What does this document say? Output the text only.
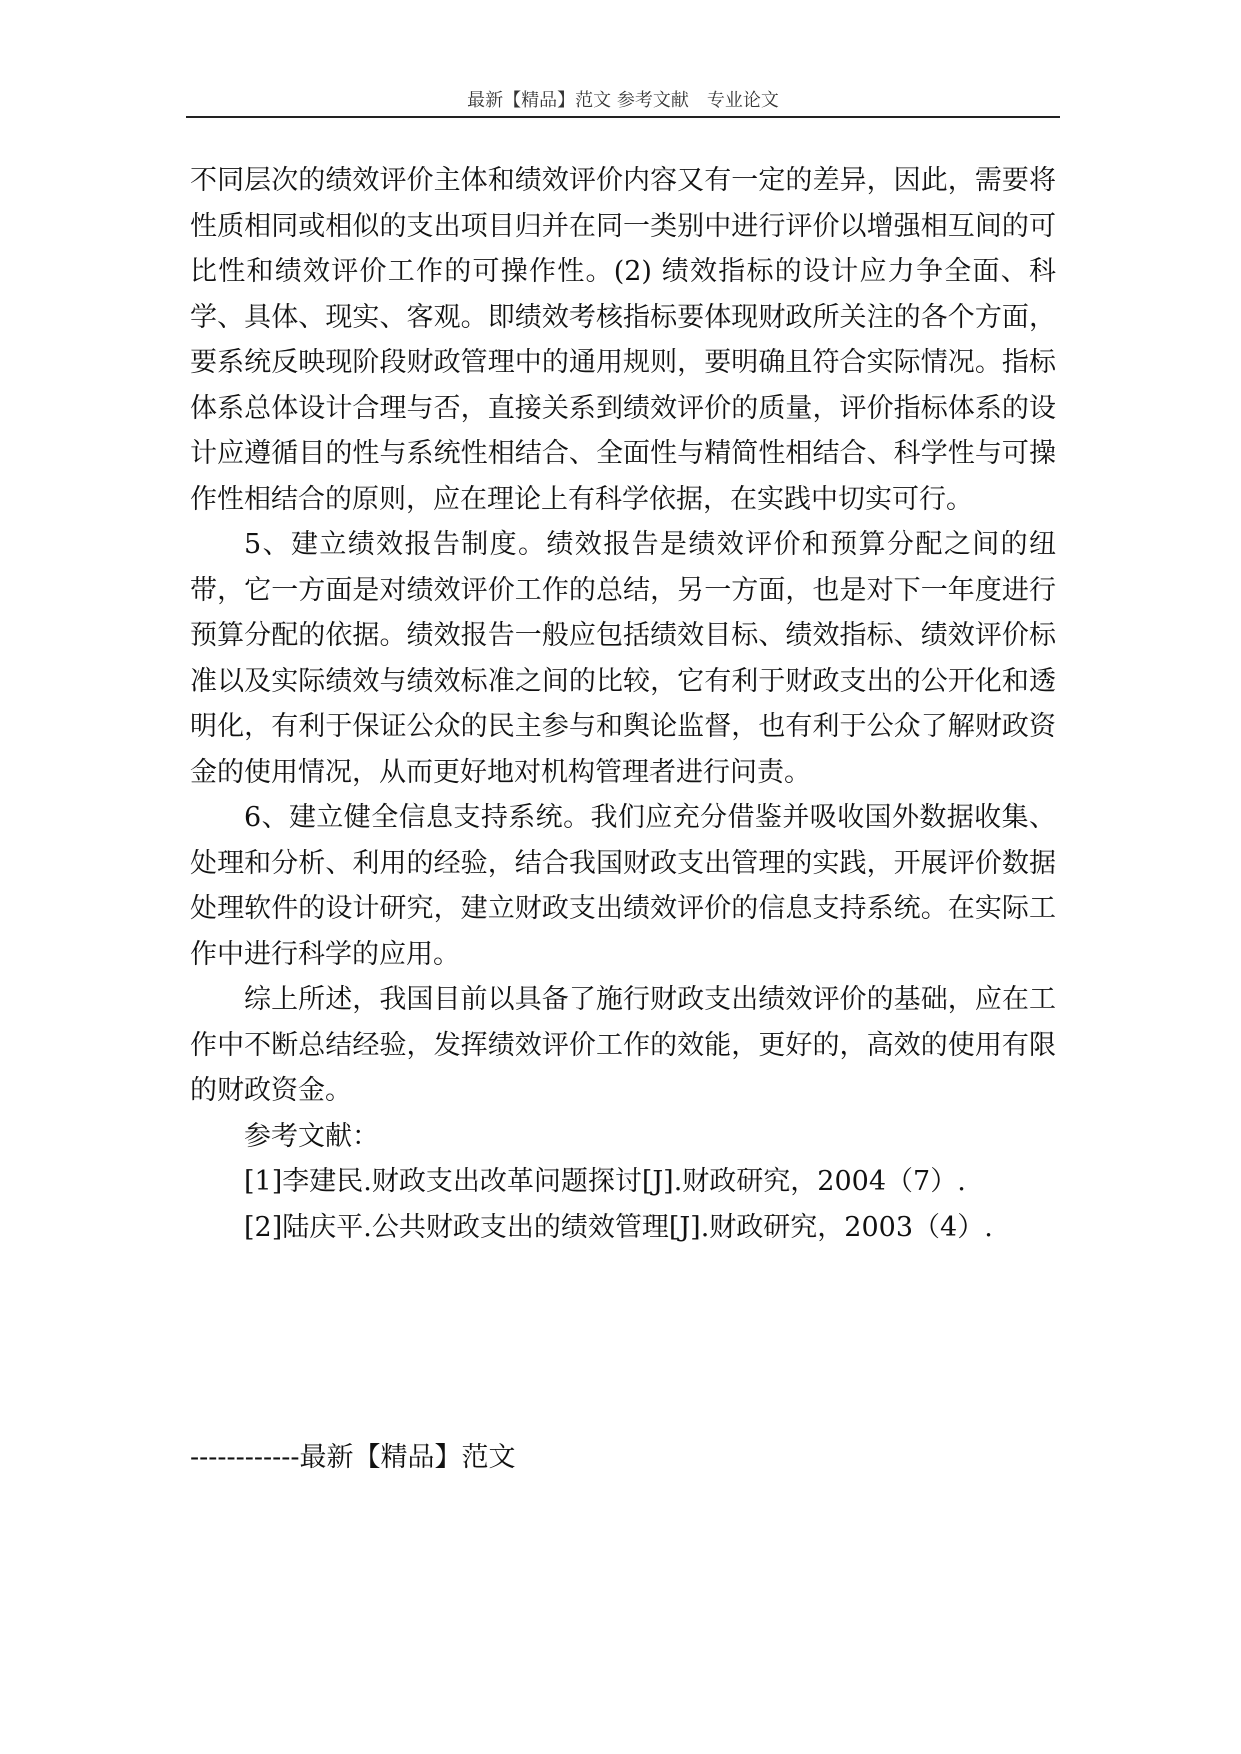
最新【精品】范文 参考文献　专业论文

不同层次的绩效评价主体和绩效评价内容又有一定的差异，因此，需要将性质相同或相似的支出项目归并在同一类别中进行评价以增强相互间的可比性和绩效评价工作的可操作性。(2) 绩效指标的设计应力争全面、科学、具体、现实、客观。即绩效考核指标要体现财政所关注的各个方面，要系统反映现阶段财政管理中的通用规则，要明确且符合实际情况。指标体系总体设计合理与否，直接关系到绩效评价的质量，评价指标体系的设计应遵循目的性与系统性相结合、全面性与精简性相结合、科学性与可操作性相结合的原则，应在理论上有科学依据，在实践中切实可行。

5、建立绩效报告制度。绩效报告是绩效评价和预算分配之间的纽带，它一方面是对绩效评价工作的总结，另一方面，也是对下一年度进行预算分配的依据。绩效报告一般应包括绩效目标、绩效指标、绩效评价标准以及实际绩效与绩效标准之间的比较，它有利于财政支出的公开化和透明化，有利于保证公众的民主参与和舆论监督，也有利于公众了解财政资金的使用情况，从而更好地对机构管理者进行问责。

6、建立健全信息支持系统。我们应充分借鉴并吸收国外数据收集、处理和分析、利用的经验，结合我国财政支出管理的实践，开展评价数据处理软件的设计研究，建立财政支出绩效评价的信息支持系统。在实际工作中进行科学的应用。

综上所述，我国目前以具备了施行财政支出绩效评价的基础，应在工作中不断总结经验，发挥绩效评价工作的效能，更好的，高效的使用有限的财政资金。

参考文献：
[1]李建民.财政支出改革问题探讨[J].财政研究，2004（7）.
[2]陆庆平.公共财政支出的绩效管理[J].财政研究，2003（4）.
------------最新【精品】范文
